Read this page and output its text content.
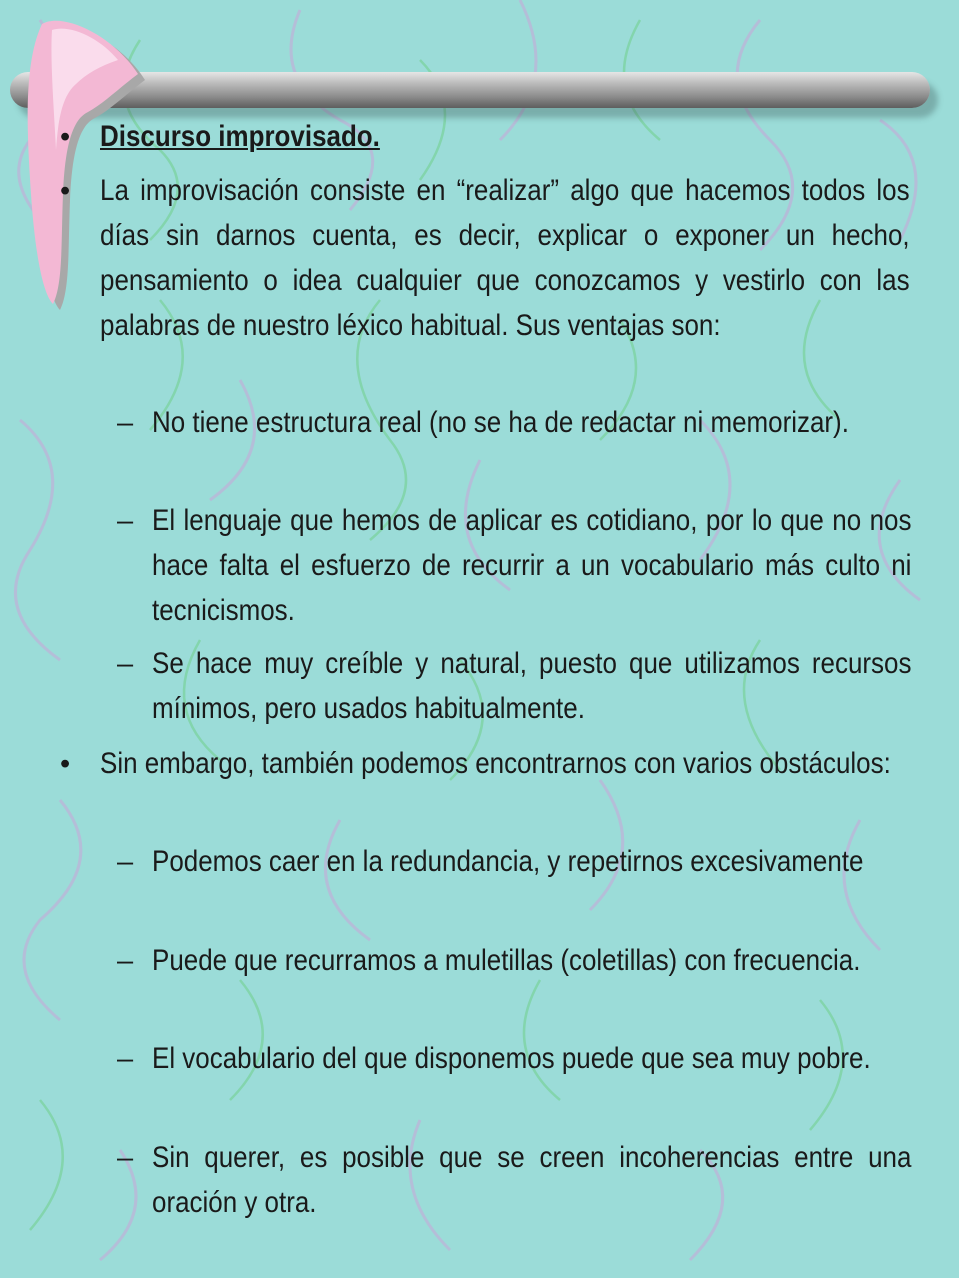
• Discurso improvisado.
• La improvisación consiste en “realizar” algo que hacemos todos los días sin darnos cuenta, es decir, explicar o exponer un hecho, pensamiento o idea cualquier que conozcamos y vestirlo con las palabras de nuestro léxico habitual. Sus ventajas son:
– No tiene estructura real (no se ha de redactar ni memorizar).
– El lenguaje que hemos de aplicar es cotidiano, por lo que no nos hace falta el esfuerzo de recurrir a un vocabulario más culto ni tecnicismos.
– Se hace muy creíble y natural, puesto que utilizamos recursos mínimos, pero usados habitualmente.
• Sin embargo, también podemos encontrarnos con varios obstáculos:
– Podemos caer en la redundancia, y repetirnos excesivamente
– Puede que recurramos a muletillas (coletillas) con frecuencia.
– El vocabulario del que disponemos puede que sea muy pobre.
– Sin querer, es posible que se creen incoherencias entre una oración y otra.
